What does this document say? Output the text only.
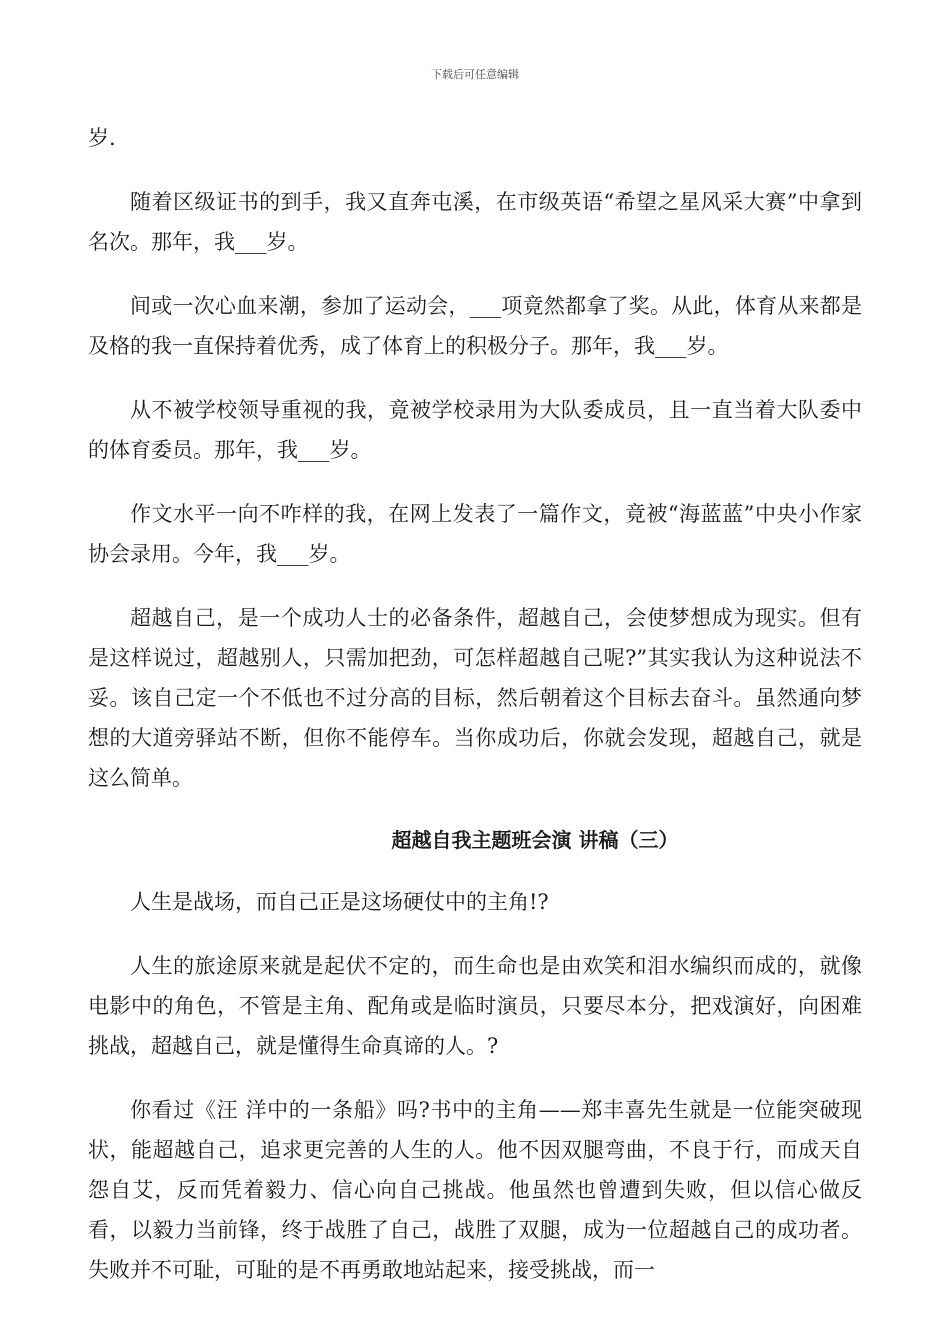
下载后可任意编辑

岁.

随着区级证书的到手，我又直奔屯溪，在市级英语“希望之星风采大赛”中拿到名次。那年，我___岁。

间或一次心血来潮，参加了运动会，___项竟然都拿了奖。从此，体育从来都是及格的我一直保持着优秀，成了体育上的积极分子。那年，我___岁。

从不被学校领导重视的我，竟被学校录用为大队委成员，且一直当着大队委中的体育委员。那年，我___岁。

作文水平一向不咋样的我，在网上发表了一篇作文，竟被“海蓝蓝”中央小作家协会录用。今年，我___岁。

超越自己，是一个成功人士的必备条件，超越自己，会使梦想成为现实。但有是这样说过，超越别人，只需加把劲，可怎样超越自己呢?”其实我认为这种说法不妥。该自己定一个不低也不过分高的目标，然后朝着这个目标去奋斗。虽然通向梦想的大道旁驿站不断，但你不能停车。当你成功后，你就会发现，超越自己，就是这么简单。

超越自我主题班会演 讲稿（三）

人生是战场，而自己正是这场硬仗中的主角!?

人生的旅途原来就是起伏不定的，而生命也是由欢笑和泪水编织而成的，就像电影中的角色，不管是主角、配角或是临时演员，只要尽本分，把戏演好，向困难挑战，超越自己，就是懂得生命真谛的人。?

你看过《汪 洋中的一条船》吗?书中的主角——郑丰喜先生就是一位能突破现状，能超越自己，追求更完善的人生的人。他不因双腿弯曲，不良于行，而成天自怨自艾，反而凭着毅力、信心向自己挑战。他虽然也曾遭到失败，但以信心做反看，以毅力当前锋，终于战胜了自己，战胜了双腿，成为一位超越自己的成功者。失败并不可耻，可耻的是不再勇敢地站起来，接受挑战，而一
